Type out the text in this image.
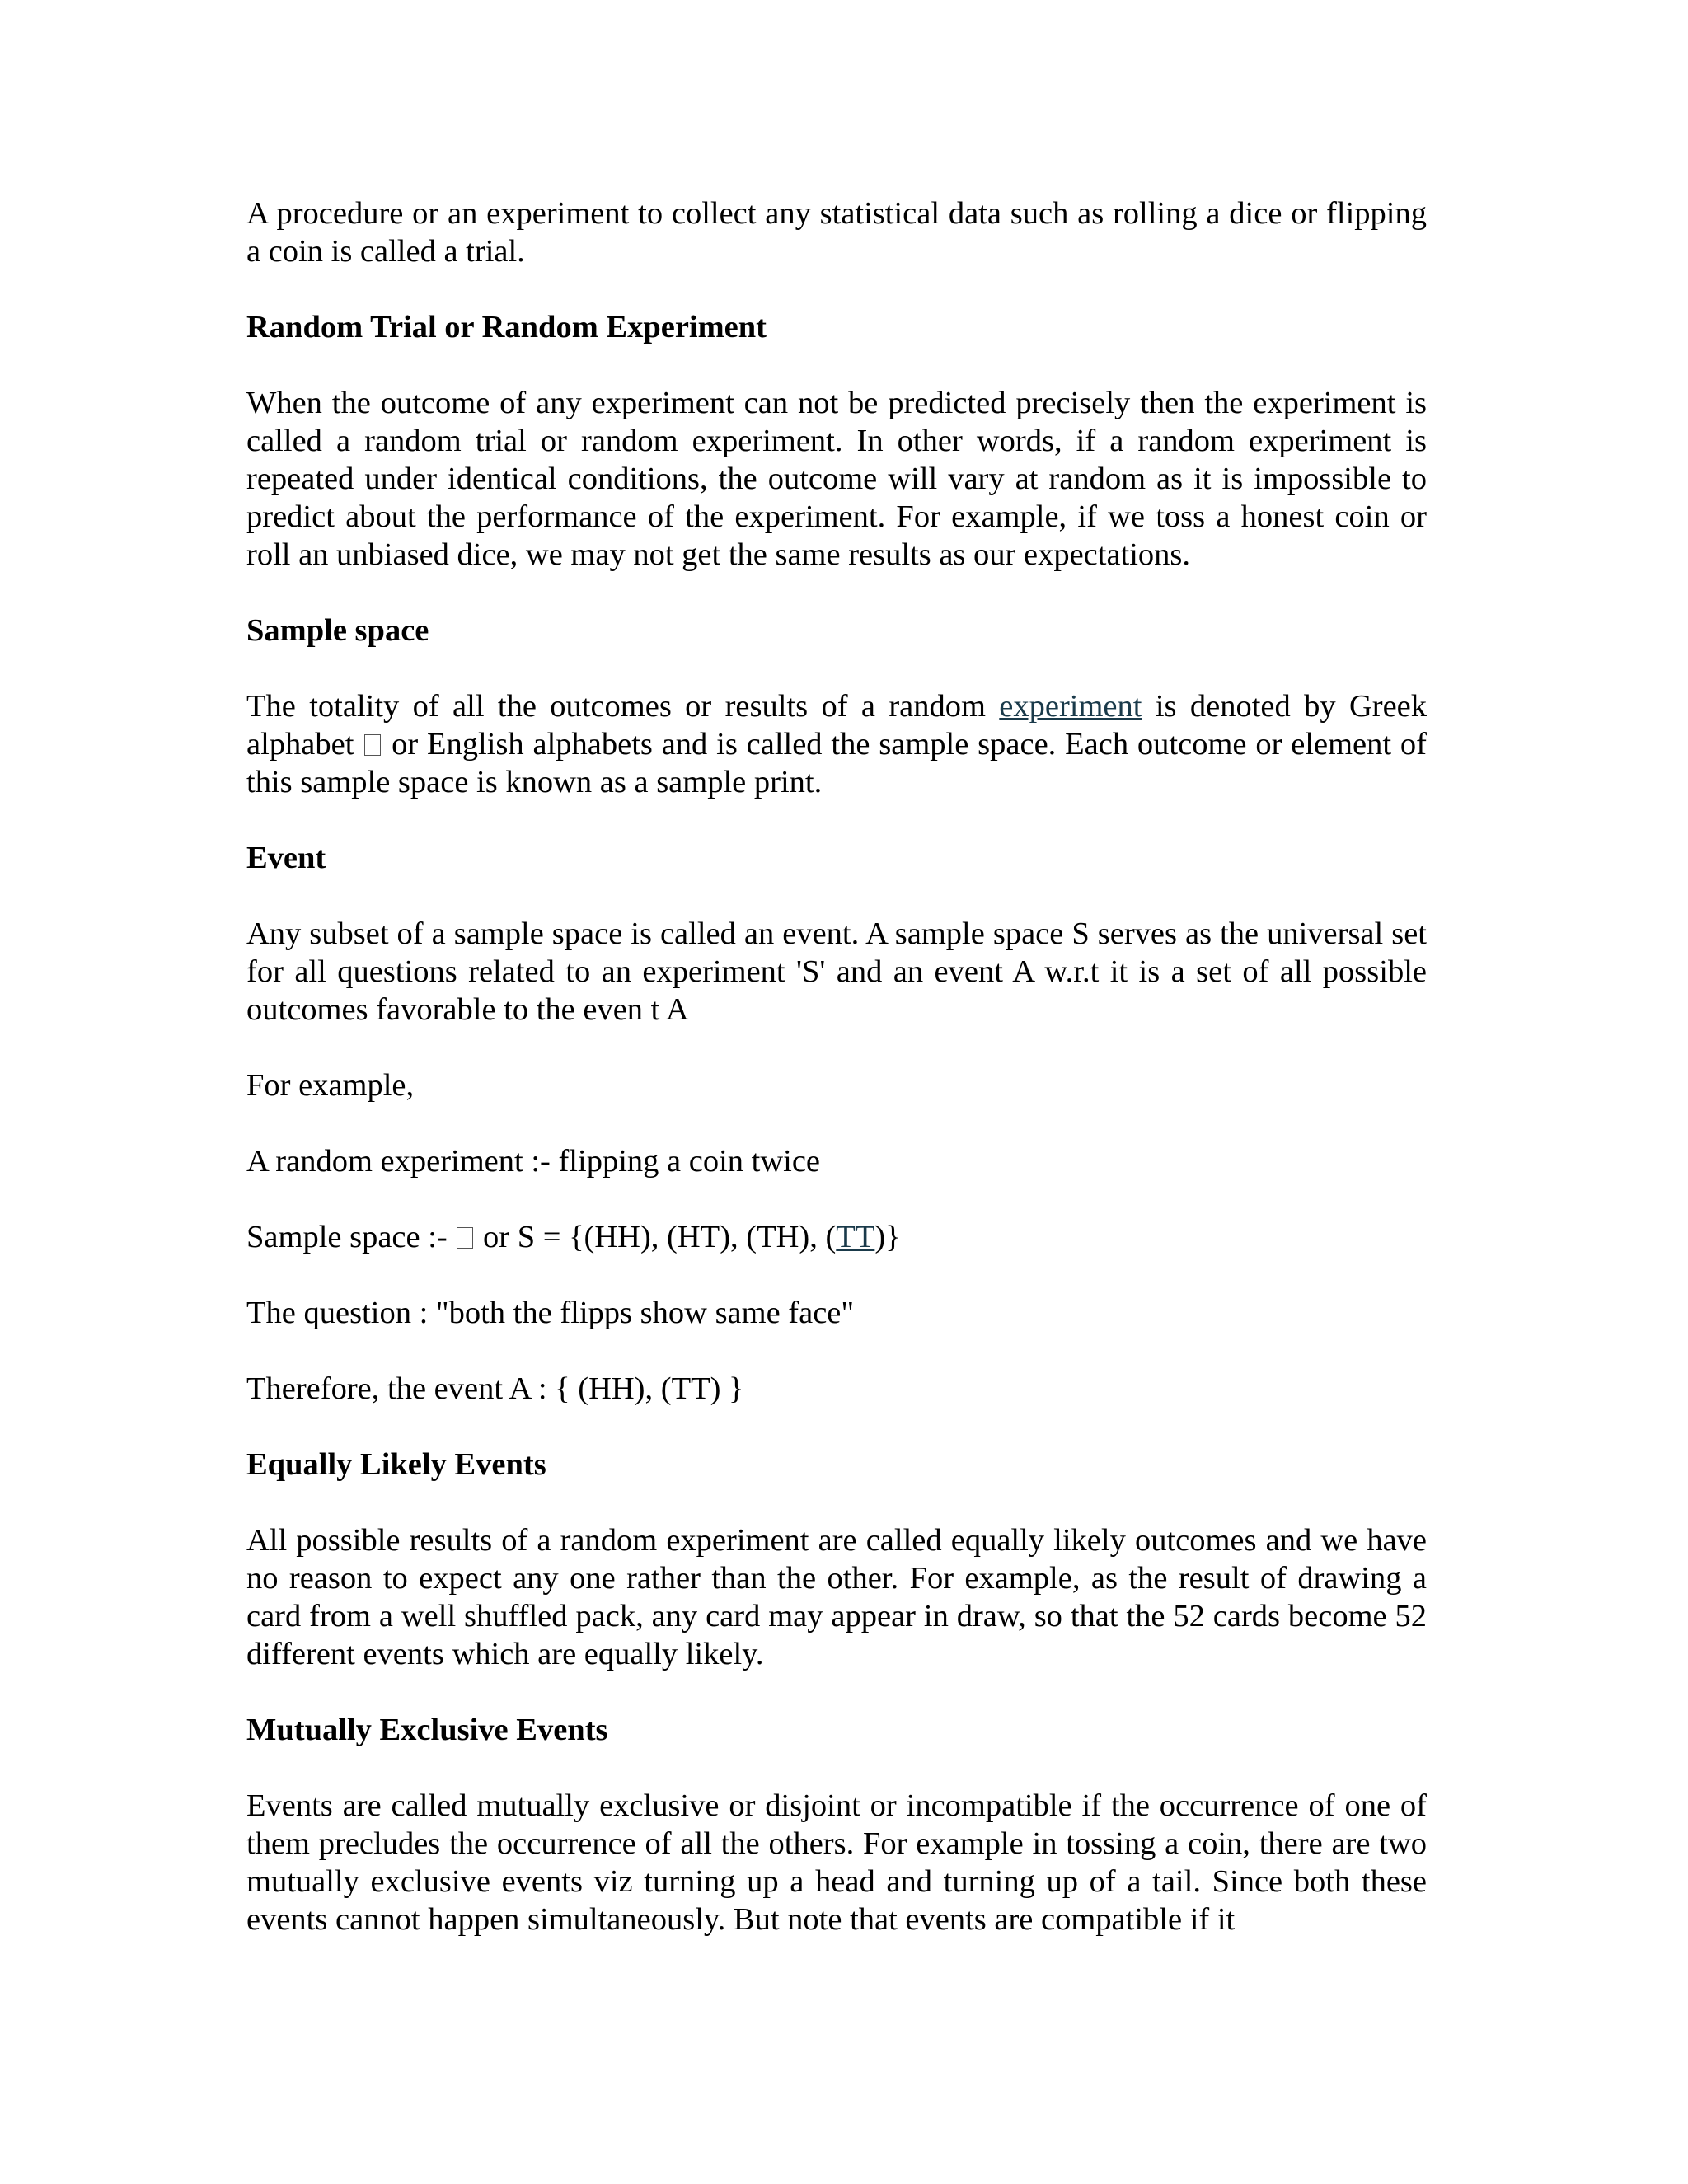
A procedure or an experiment to collect any statistical data such as rolling a dice or flipping a coin is called a trial.

Random Trial or Random Experiment

When the outcome of any experiment can not be predicted precisely then the experiment is called a random trial or random experiment. In other words, if a random experiment is repeated under identical conditions, the outcome will vary at random as it is impossible to predict about the performance of the experiment. For example, if we toss a honest coin or roll an unbiased dice, we may not get the same results as our expectations.

Sample space

The totality of all the outcomes or results of a random experiment is denoted by Greek alphabet  or English alphabets and is called the sample space. Each outcome or element of this sample space is known as a sample print.

Event

Any subset of a sample space is called an event. A sample space S serves as the universal set for all questions related to an experiment 'S' and an event A w.r.t it is a set of all possible outcomes favorable to the even t A

For example,

A random experiment :- flipping a coin twice

Sample space :-  or S = {(HH), (HT), (TH), (TT)}

The question : "both the flipps show same face"

Therefore, the event A : { (HH), (TT) }

Equally Likely Events

All possible results of a random experiment are called equally likely outcomes and we have no reason to expect any one rather than the other. For example, as the result of drawing a card from a well shuffled pack, any card may appear in draw, so that the 52 cards become 52 different events which are equally likely.

Mutually Exclusive Events

Events are called mutually exclusive or disjoint or incompatible if the occurrence of one of them precludes the occurrence of all the others. For example in tossing a coin, there are two mutually exclusive events viz turning up a head and turning up of a tail. Since both these events cannot happen simultaneously. But note that events are compatible if it
